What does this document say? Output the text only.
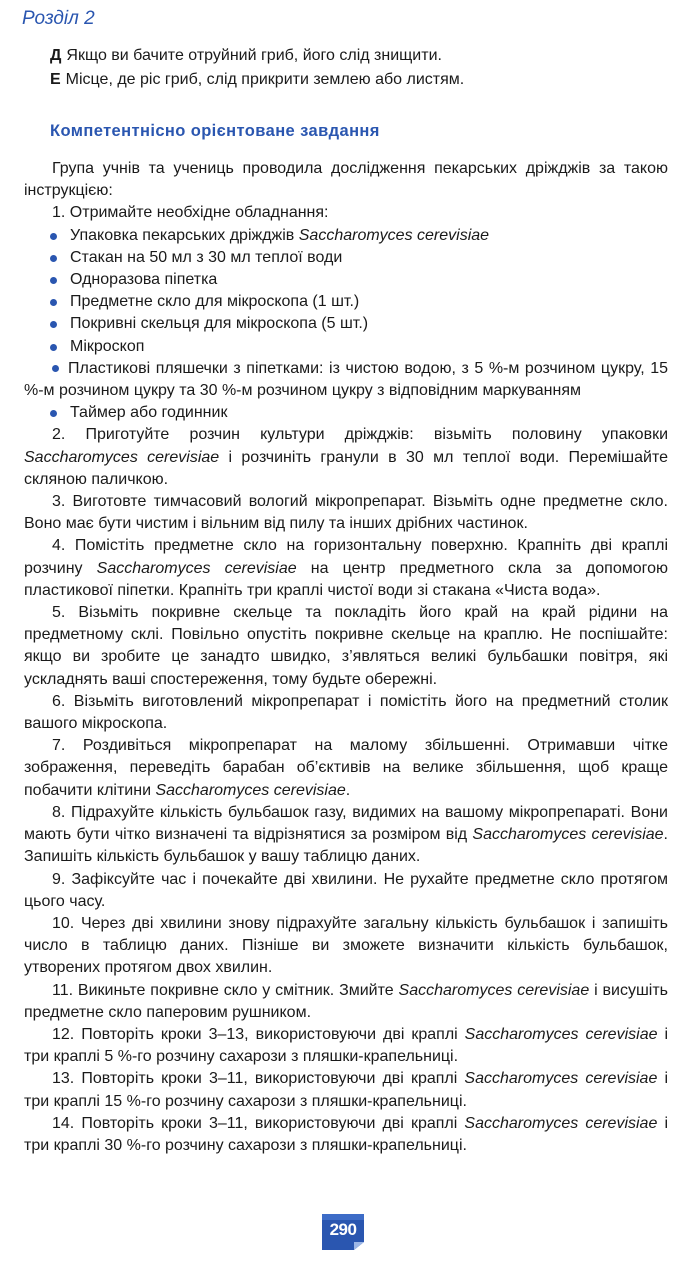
Розділ 2
Д Якщо ви бачите отруйний гриб, його слід знищити.
Е Місце, де ріс гриб, слід прикрити землею або листям.
Компетентнісно орієнтоване завдання

Група учнів та учениць проводила дослідження пекарських дріжджів за такою інструкцією:

1. Отримайте необхідне обладнання:

Упаковка пекарських дріжджів Saccharomyces cerevisiae
Стакан на 50 мл з 30 мл теплої води
Одноразова піпетка
Предметне скло для мікроскопа (1 шт.)
Покривні скельця для мікроскопа (5 шт.)
Мікроскоп

Пластикові пляшечки з піпетками: із чистою водою, з 5 %-м розчином цукру, 15 %-м розчином цукру та 30 %-м розчином цукру з відповідним маркуванням

Таймер або годинник

2. Приготуйте розчин культури дріжджів: візьміть половину упаковки Saccharomyces cerevisiae і розчиніть гранули в 30 мл теплої води. Перемішайте скляною паличкою.

3. Виготовте тимчасовий вологий мікропрепарат. Візьміть одне предметне скло. Воно має бути чистим і вільним від пилу та інших дрібних частинок.

4. Помістіть предметне скло на горизонтальну поверхню. Крапніть дві краплі розчину Saccharomyces cerevisiae на центр предметного скла за допомогою пластикової піпетки. Крапніть три краплі чистої води зі стакана «Чиста вода».

5. Візьміть покривне скельце та покладіть його край на край рідини на предметному склі. Повільно опустіть покривне скельце на краплю. Не поспішайте: якщо ви зробите це занадто швидко, з’являться великі бульбашки повітря, які ускладнять ваші спостереження, тому будьте обережні.

6. Візьміть виготовлений мікропрепарат і помістіть його на предметний столик вашого мікроскопа.

7. Роздивіться мікропрепарат на малому збільшенні. Отримавши чітке зображення, переведіть барабан об’єктивів на велике збільшення, щоб краще побачити клітини Saccharomyces cerevisiae.

8. Підрахуйте кількість бульбашок газу, видимих на вашому мікропрепараті. Вони мають бути чітко визначені та відрізнятися за розміром від Saccharomyces cerevisiae. Запишіть кількість бульбашок у вашу таблицю даних.

9. Зафіксуйте час і почекайте дві хвилини. Не рухайте предметне скло протягом цього часу.

10. Через дві хвилини знову підрахуйте загальну кількість бульбашок і запишіть число в таблицю даних. Пізніше ви зможете визначити кількість бульбашок, утворених протягом двох хвилин.

11. Викиньте покривне скло у смітник. Змийте Saccharomyces cerevisiae і висушіть предметне скло паперовим рушником.

12. Повторіть кроки 3–13, використовуючи дві краплі Saccharomyces cerevisiae і три краплі 5 %-го розчину сахарози з пляшки-крапельниці.

13. Повторіть кроки 3–11, використовуючи дві краплі Saccharomyces cerevisiae і три краплі 15 %-го розчину сахарози з пляшки-крапельниці.

14. Повторіть кроки 3–11, використовуючи дві краплі Saccharomyces cerevisiae і три краплі 30 %-го розчину сахарози з пляшки-крапельниці.

290
